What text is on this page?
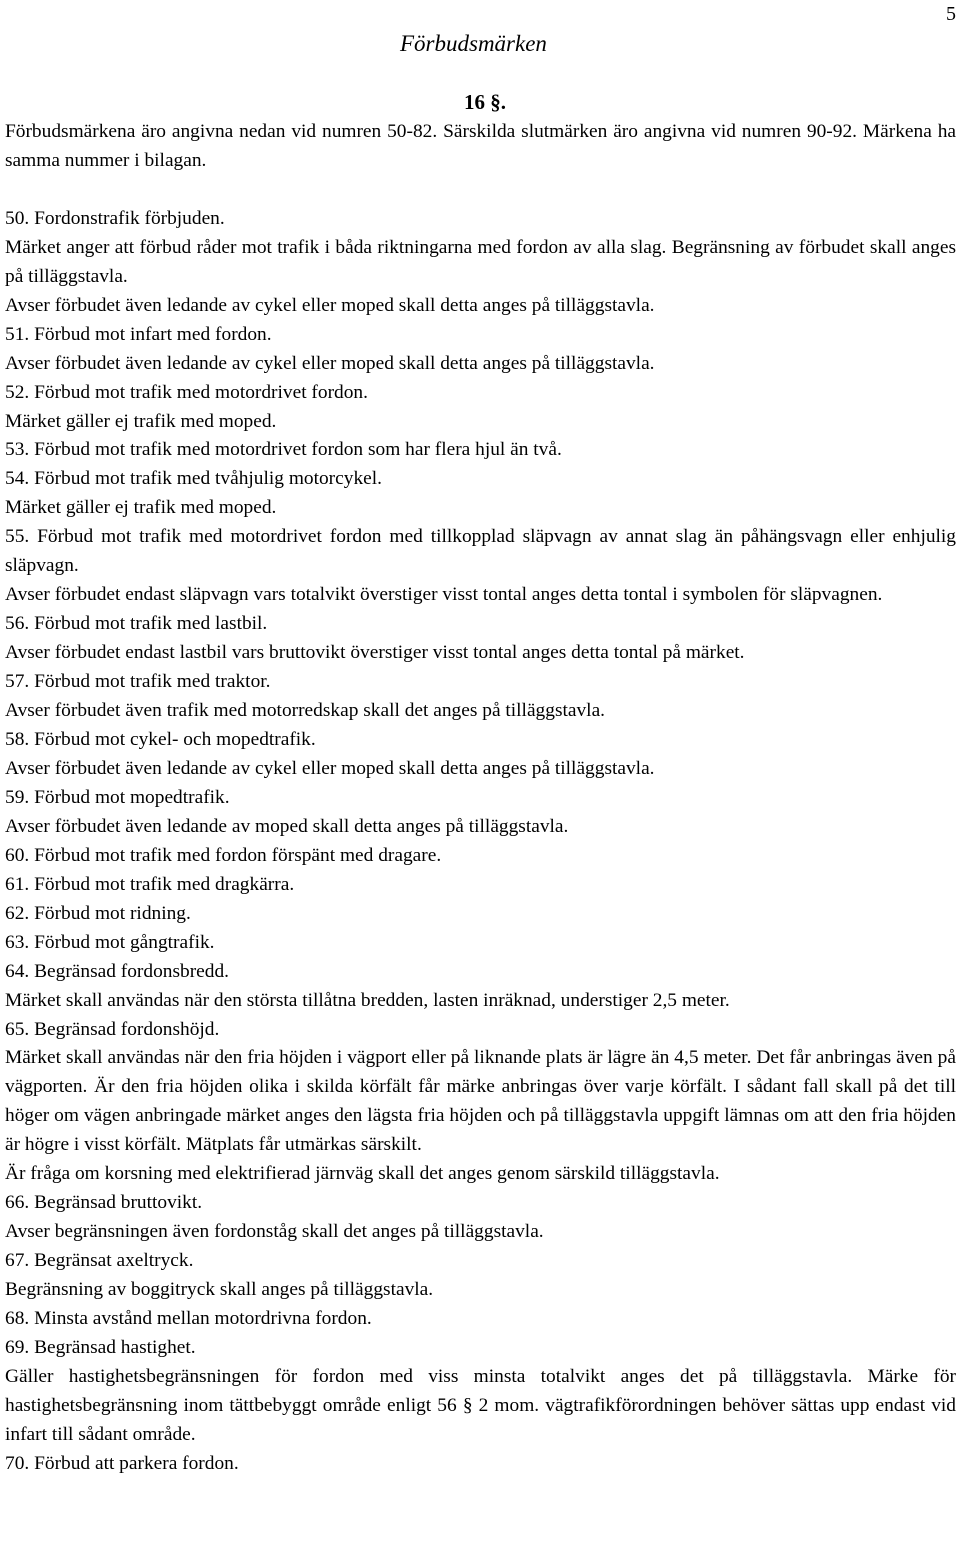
5
Förbudsmärken
16 §.

Förbudsmärkena äro angivna nedan vid numren 50-82. Särskilda slutmärken äro angivna vid numren 90-92. Märkena ha samma nummer i bilagan.

50. Fordonstrafik förbjuden.

Märket anger att förbud råder mot trafik i båda riktningarna med fordon av alla slag. Begränsning av förbudet skall anges på tilläggstavla.

Avser förbudet även ledande av cykel eller moped skall detta anges på tilläggstavla.

51. Förbud mot infart med fordon.

Avser förbudet även ledande av cykel eller moped skall detta anges på tilläggstavla.

52. Förbud mot trafik med motordrivet fordon.

Märket gäller ej trafik med moped.

53. Förbud mot trafik med motordrivet fordon som har flera hjul än två.

54. Förbud mot trafik med tvåhjulig motorcykel.

Märket gäller ej trafik med moped.

55. Förbud mot trafik med motordrivet fordon med tillkopplad släpvagn av annat slag än påhängsvagn eller enhjulig släpvagn.

Avser förbudet endast släpvagn vars totalvikt överstiger visst tontal anges detta tontal i symbolen för släpvagnen.

56. Förbud mot trafik med lastbil.

Avser förbudet endast lastbil vars bruttovikt överstiger visst tontal anges detta tontal på märket.

57. Förbud mot trafik med traktor.

Avser förbudet även trafik med motorredskap skall det anges på tilläggstavla.

58. Förbud mot cykel- och mopedtrafik.

Avser förbudet även ledande av cykel eller moped skall detta anges på tilläggstavla.

59. Förbud mot mopedtrafik.

Avser förbudet även ledande av moped skall detta anges på tilläggstavla.

60. Förbud mot trafik med fordon förspänt med dragare.

61. Förbud mot trafik med dragkärra.

62. Förbud mot ridning.

63. Förbud mot gångtrafik.

64. Begränsad fordonsbredd.

Märket skall användas när den största tillåtna bredden, lasten inräknad, understiger 2,5 meter.

65. Begränsad fordonshöjd.

Märket skall användas när den fria höjden i vägport eller på liknande plats är lägre än 4,5 meter. Det får anbringas även på vägporten. Är den fria höjden olika i skilda körfält får märke anbringas över varje körfält. I sådant fall skall på det till höger om vägen anbringade märket anges den lägsta fria höjden och på tilläggstavla uppgift lämnas om att den fria höjden är högre i visst körfält. Mätplats får utmärkas särskilt.

Är fråga om korsning med elektrifierad järnväg skall det anges genom särskild tilläggstavla.

66. Begränsad bruttovikt.

Avser begränsningen även fordonståg skall det anges på tilläggstavla.

67. Begränsat axeltryck.

Begränsning av boggitryck skall anges på tilläggstavla.

68. Minsta avstånd mellan motordrivna fordon.

69. Begränsad hastighet.

Gäller hastighetsbegränsningen för fordon med viss minsta totalvikt anges det på tilläggstavla. Märke för hastighetsbegränsning inom tättbebyggt område enligt 56 § 2 mom. vägtrafikförordningen behöver sättas upp endast vid infart till sådant område.

70. Förbud att parkera fordon.
